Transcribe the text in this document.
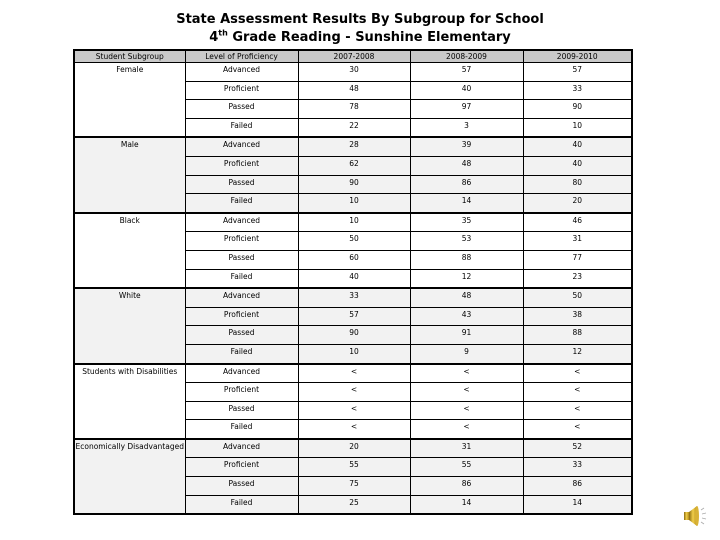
State Assessment Results By Subgroup for School
4th Grade Reading - Sunshine Elementary
Student Subgroup	Level of Proficiency	2007-2008	2008-2009	2009-2010
Female	Advanced	30	57	57
	Proficient	48	40	33
	Passed	78	97	90
	Failed	22	3	10
Male	Advanced	28	39	40
	Proficient	62	48	40
	Passed	90	86	80
	Failed	10	14	20
Black	Advanced	10	35	46
	Proficient	50	53	31
	Passed	60	88	77
	Failed	40	12	23
White	Advanced	33	48	50
	Proficient	57	43	38
	Passed	90	91	88
	Failed	10	9	12
Students with Disabilities	Advanced	<	<	<
	Proficient	<	<	<
	Passed	<	<	<
	Failed	<	<	<
Economically Disadvantaged	Advanced	20	31	52
	Proficient	55	55	33
	Passed	75	86	86
	Failed	25	14	14
